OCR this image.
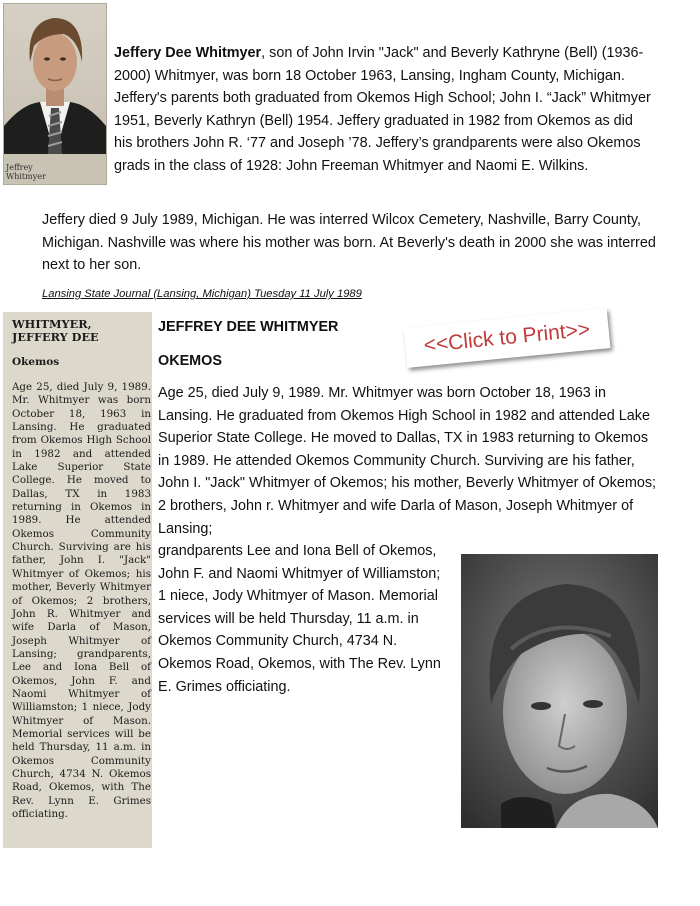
Jeffrey
Whitmyer
Jeffery Dee Whitmyer, son of John Irvin "Jack" and Beverly Kathryne (Bell) (1936-2000) Whitmyer, was born 18 October 1963, Lansing, Ingham County, Michigan. Jeffery's parents both graduated from Okemos High School; John I. “Jack” Whitmyer 1951, Beverly Kathryn (Bell) 1954. Jeffery graduated in 1982 from Okemos as did his brothers John R. ‘77 and Joseph ’78. Jeffery’s grandparents were also Okemos grads in the class of 1928: John Freeman Whitmyer and Naomi E. Wilkins.
Jeffery died 9 July 1989, Michigan. He was interred Wilcox Cemetery, Nashville, Barry County, Michigan. Nashville was where his mother was born. At Beverly's death in 2000 she was interred next to her son.
Lansing State Journal (Lansing, Michigan) Tuesday 11 July 1989
WHITMYER,
JEFFERY DEE
Okemos
Age 25, died July 9, 1989. Mr. Whitmyer was born October 18, 1963 in Lansing. He graduated from Okemos High School in 1982 and attended Lake Superior State College. He moved to Dallas, TX in 1983 returning in Okemos in 1989. He attended Okemos Community Church. Surviving are his father, John I. "Jack" Whitmyer of Okemos; his mother, Beverly Whitmyer of Okemos; 2 brothers, John R. Whitmyer and wife Darla of Mason, Joseph Whitmyer of Lansing; grandparents, Lee and Iona Bell of Okemos, John F. and Naomi Whitmyer of Williamston; 1 niece, Jody Whitmyer of Mason. Memorial services will be held Thursday, 11 a.m. in Okemos Community Church, 4734 N. Okemos Road, Okemos, with The Rev. Lynn E. Grimes officiating.
JEFFREY DEE WHITMYER
OKEMOS
<<Click to Print>>
Age 25, died July 9, 1989. Mr. Whitmyer was born October 18, 1963 in Lansing. He graduated from Okemos High School in 1982 and attended Lake Superior State College. He moved to Dallas, TX in 1983 returning to Okemos in 1989. He attended Okemos Community Church. Surviving are his father, John I. "Jack" Whitmyer of Okemos; his mother, Beverly Whitmyer of Okemos; 2 brothers, John r. Whitmyer and wife Darla of Mason, Joseph Whitmyer of Lansing;
grandparents Lee and Iona Bell of Okemos, John F. and Naomi Whitmyer of Williamston; 1 niece, Jody Whitmyer of Mason. Memorial services will be held Thursday, 11 a.m. in Okemos Community Church, 4734 N. Okemos Road, Okemos, with The Rev. Lynn E. Grimes officiating.
